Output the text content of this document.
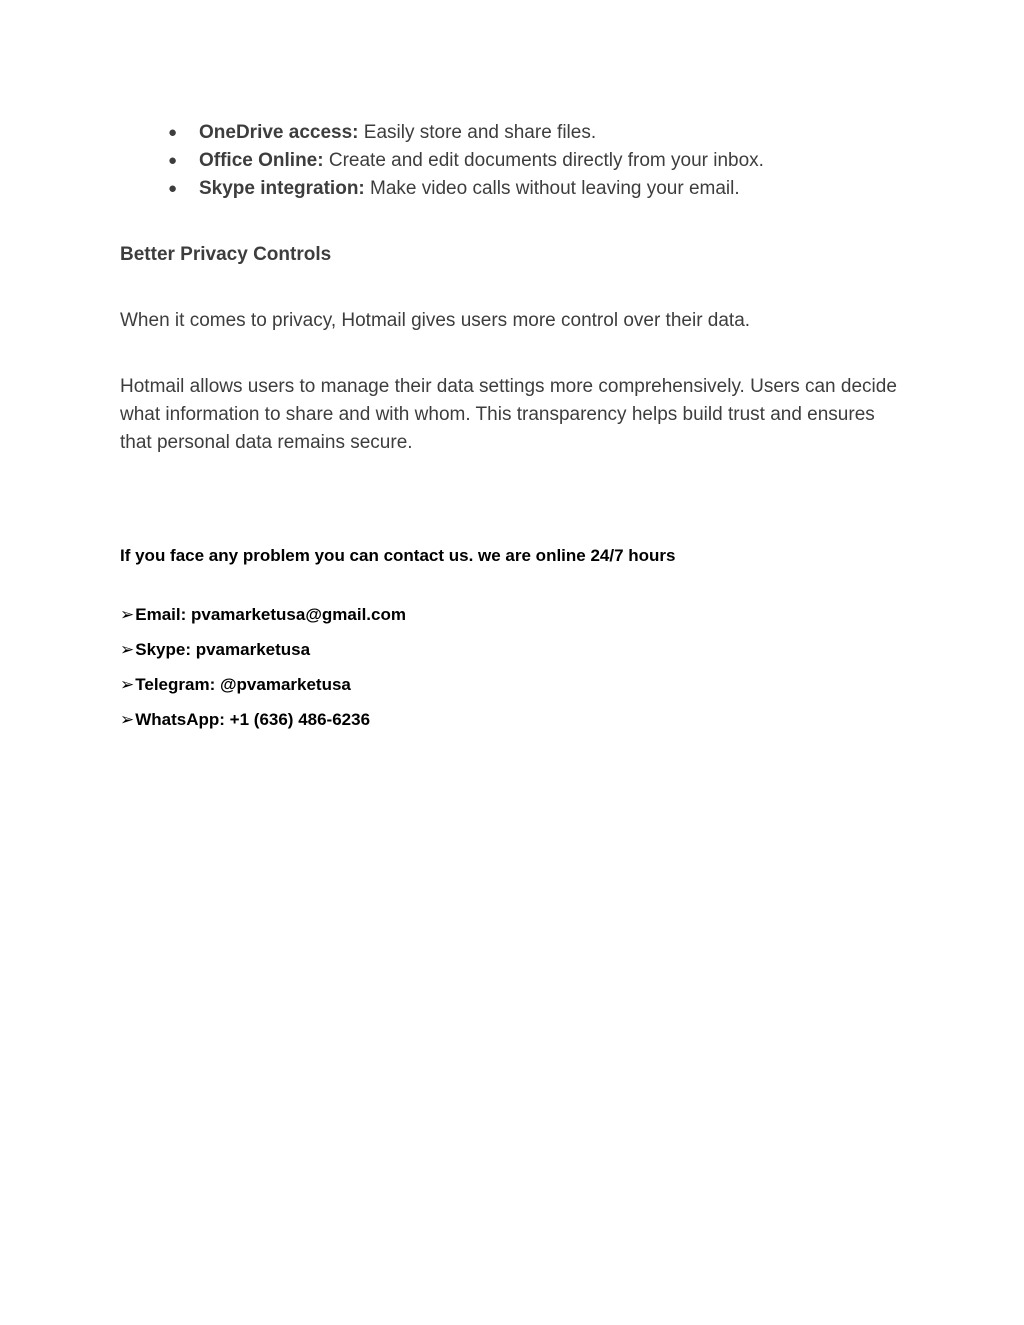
● OneDrive access: Easily store and share files.
● Office Online: Create and edit documents directly from your inbox.
● Skype integration: Make video calls without leaving your email.
Better Privacy Controls

When it comes to privacy, Hotmail gives users more control over their data.

Hotmail allows users to manage their data settings more comprehensively. Users can decide what information to share and with whom. This transparency helps build trust and ensures that personal data remains secure.

If you face any problem you can contact us. we are online 24/7 hours

➢Email: pvamarketusa@gmail.com
➢Skype: pvamarketusa
➢Telegram: @pvamarketusa
➢WhatsApp: +1 (636) 486-6236
